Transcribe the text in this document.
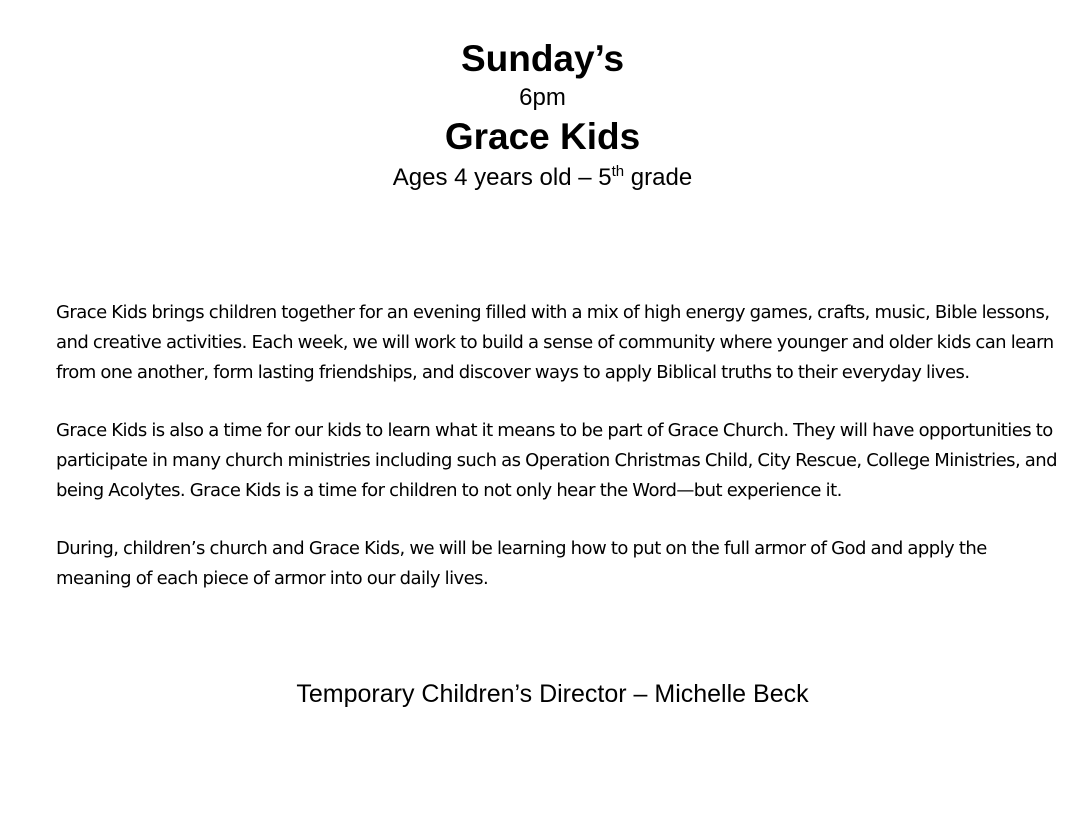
Sunday’s
6pm
Grace Kids
Ages 4 years old – 5th grade

Grace Kids brings children together for an evening filled with a mix of high energy games, crafts, music, Bible lessons, and creative activities. Each week, we will work to build a sense of community where younger and older kids can learn from one another, form lasting friendships, and discover ways to apply Biblical truths to their everyday lives.

Grace Kids is also a time for our kids to learn what it means to be part of Grace Church. They will have opportunities to participate in many church ministries including such as Operation Christmas Child, City Rescue, College Ministries, and being Acolytes. Grace Kids is a time for children to not only hear the Word—but experience it.

During, children’s church and Grace Kids, we will be learning how to put on the full armor of God and apply the meaning of each piece of armor into our daily lives.

Temporary Children’s Director – Michelle Beck
